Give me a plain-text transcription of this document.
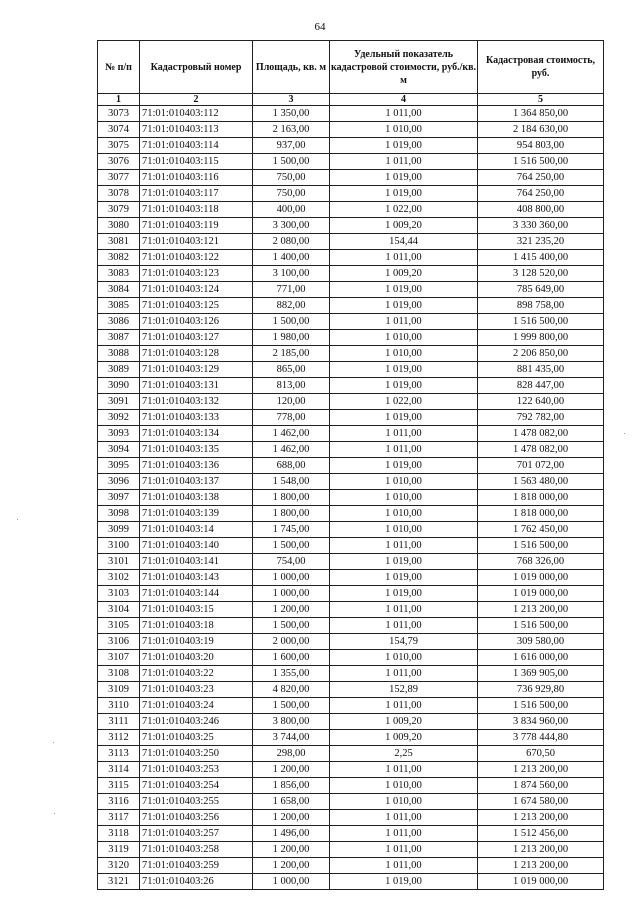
64
№ п/п	Кадастровый номер	Площадь, кв. м	Удельный показатель кадастровой стоимости, руб./кв. м	Кадастровая стоимость, руб.
1	2	3	4	5
3073	71:01:010403:112	1 350,00	1 011,00	1 364 850,00
3074	71:01:010403:113	2 163,00	1 010,00	2 184 630,00
3075	71:01:010403:114	937,00	1 019,00	954 803,00
3076	71:01:010403:115	1 500,00	1 011,00	1 516 500,00
3077	71:01:010403:116	750,00	1 019,00	764 250,00
3078	71:01:010403:117	750,00	1 019,00	764 250,00
3079	71:01:010403:118	400,00	1 022,00	408 800,00
3080	71:01:010403:119	3 300,00	1 009,20	3 330 360,00
3081	71:01:010403:121	2 080,00	154,44	321 235,20
3082	71:01:010403:122	1 400,00	1 011,00	1 415 400,00
3083	71:01:010403:123	3 100,00	1 009,20	3 128 520,00
3084	71:01:010403:124	771,00	1 019,00	785 649,00
3085	71:01:010403:125	882,00	1 019,00	898 758,00
3086	71:01:010403:126	1 500,00	1 011,00	1 516 500,00
3087	71:01:010403:127	1 980,00	1 010,00	1 999 800,00
3088	71:01:010403:128	2 185,00	1 010,00	2 206 850,00
3089	71:01:010403:129	865,00	1 019,00	881 435,00
3090	71:01:010403:131	813,00	1 019,00	828 447,00
3091	71:01:010403:132	120,00	1 022,00	122 640,00
3092	71:01:010403:133	778,00	1 019,00	792 782,00
3093	71:01:010403:134	1 462,00	1 011,00	1 478 082,00
3094	71:01:010403:135	1 462,00	1 011,00	1 478 082,00
3095	71:01:010403:136	688,00	1 019,00	701 072,00
3096	71:01:010403:137	1 548,00	1 010,00	1 563 480,00
3097	71:01:010403:138	1 800,00	1 010,00	1 818 000,00
3098	71:01:010403:139	1 800,00	1 010,00	1 818 000,00
3099	71:01:010403:14	1 745,00	1 010,00	1 762 450,00
3100	71:01:010403:140	1 500,00	1 011,00	1 516 500,00
3101	71:01:010403:141	754,00	1 019,00	768 326,00
3102	71:01:010403:143	1 000,00	1 019,00	1 019 000,00
3103	71:01:010403:144	1 000,00	1 019,00	1 019 000,00
3104	71:01:010403:15	1 200,00	1 011,00	1 213 200,00
3105	71:01:010403:18	1 500,00	1 011,00	1 516 500,00
3106	71:01:010403:19	2 000,00	154,79	309 580,00
3107	71:01:010403:20	1 600,00	1 010,00	1 616 000,00
3108	71:01:010403:22	1 355,00	1 011,00	1 369 905,00
3109	71:01:010403:23	4 820,00	152,89	736 929,80
3110	71:01:010403:24	1 500,00	1 011,00	1 516 500,00
3111	71:01:010403:246	3 800,00	1 009,20	3 834 960,00
3112	71:01:010403:25	3 744,00	1 009,20	3 778 444,80
3113	71:01:010403:250	298,00	2,25	670,50
3114	71:01:010403:253	1 200,00	1 011,00	1 213 200,00
3115	71:01:010403:254	1 856,00	1 010,00	1 874 560,00
3116	71:01:010403:255	1 658,00	1 010,00	1 674 580,00
3117	71:01:010403:256	1 200,00	1 011,00	1 213 200,00
3118	71:01:010403:257	1 496,00	1 011,00	1 512 456,00
3119	71:01:010403:258	1 200,00	1 011,00	1 213 200,00
3120	71:01:010403:259	1 200,00	1 011,00	1 213 200,00
3121	71:01:010403:26	1 000,00	1 019,00	1 019 000,00
